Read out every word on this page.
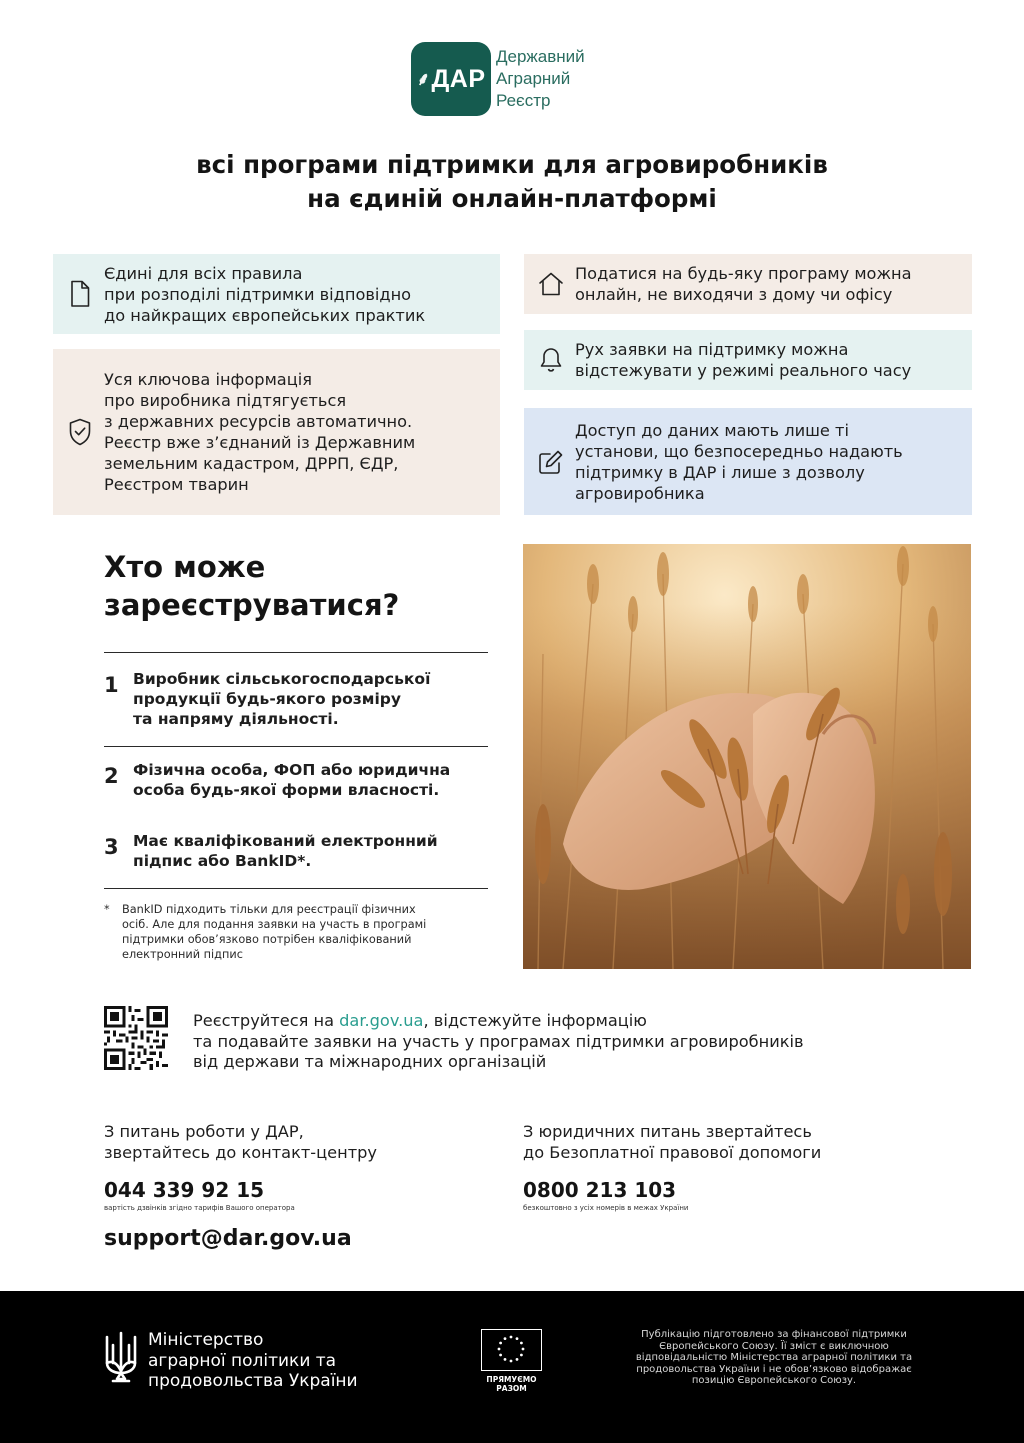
⸙ ДАР
Державний
Аграрний
Реєстр
всі програми підтримки для агровиробників
на єдиній онлайн-платформі
Єдині для всіх правила
при розподілі підтримки відповідно
до найкращих європейських практик
Уся ключова інформація
про виробника підтягується
з державних ресурсів автоматично.
Реєстр вже з’єднаний із Державним
земельним кадастром, ДРРП, ЄДР,
Реєстром тварин
Податися на будь-яку програму можна
онлайн, не виходячи з дому чи офісу
Рух заявки на підтримку можна
відстежувати у режимі реального часу
Доступ до даних мають лише ті
установи, що безпосередньо надають
підтримку в ДАР і лише з дозволу
агровиробника
Хто може
зареєструватися?
1 Виробник сільськогосподарської
продукції будь-якого розміру
та напряму діяльності.
2 Фізична особа, ФОП або юридична
особа будь-якої форми власності.
3 Має кваліфікований електронний
підпис або BankID*.
*	BankID підходить тільки для реєстрації фізичних
осіб. Але для подання заявки на участь в програмі
підтримки обов’язково потрібен кваліфікований
електронний підпис
Реєструйтеся на dar.gov.ua, відстежуйте інформацію
та подавайте заявки на участь у програмах підтримки агровиробників
від держави та міжнародних організацій
З питань роботи у ДАР,
звертайтесь до контакт-центру
044 339 92 15
вартість дзвінків згідно тарифів Вашого оператора
З юридичних питань звертайтесь
до Безоплатної правової допомоги
0800 213 103
безкоштовно з усіх номерів в межах України
support@dar.gov.ua
Міністерство
аграрної політики та
продовольства України	ПРЯМУЄМО
РАЗОМ
Публікацію підготовлено за фінансової підтримки
Європейського Союзу. Її зміст є виключною
відповідальністю Міністерства аграрної політики та
продовольства України і не обов’язково відображає
позицію Європейського Союзу.
